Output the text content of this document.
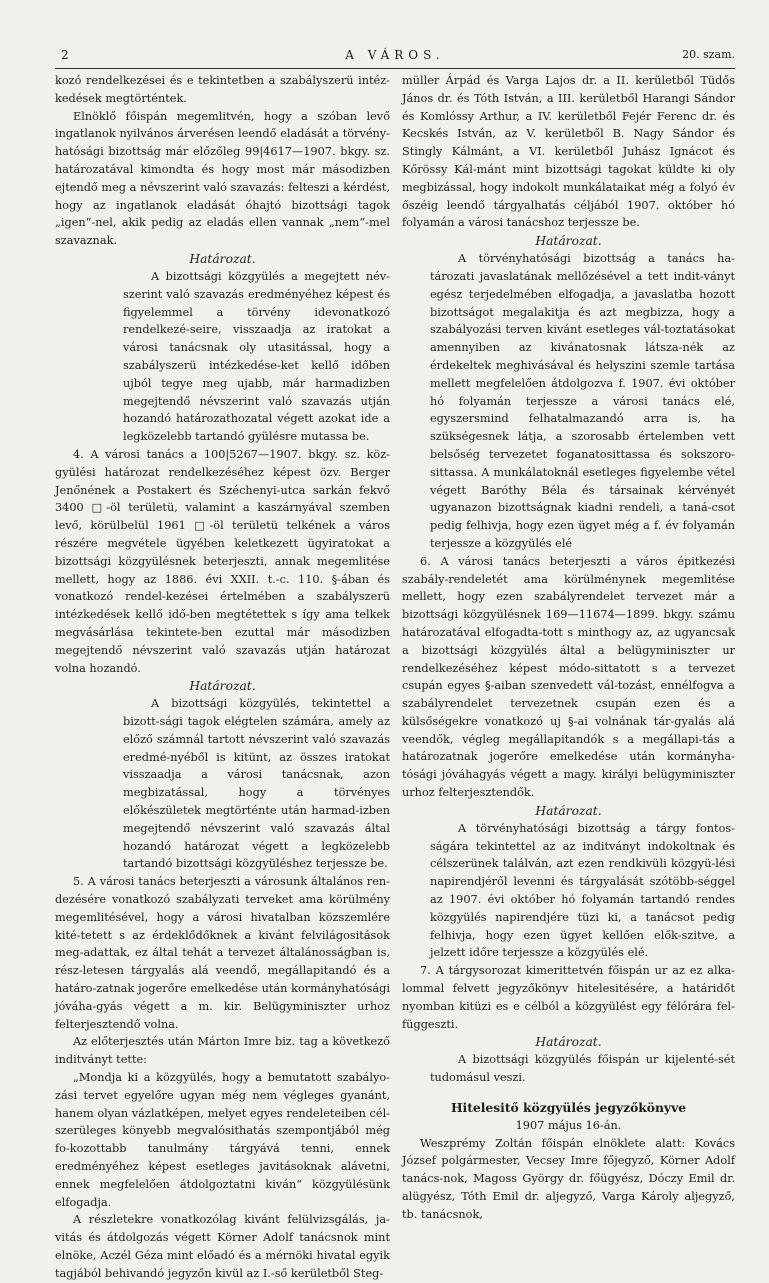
2	A VÁROS.	20. szam.

kozó rendelkezései és e tekintetben a szabályszerü intéz-kedések megtörténtek.

Elnöklő főispán megemlitvén, hogy a szóban levő ingatlanok nyilvános árverésen leendő eladását a törvény-hatósági bizottság már előzőleg 99|4617—1907. bkgy. sz. határozatával kimondta és hogy most már másodizben ejtendő meg a névszerint való szavazás: felteszi a kérdést, hogy az ingatlanok eladását óhajtó bizottsági tagok „igen“-nel, akik pedig az eladás ellen vannak „nem“-mel szavaznak.

Határozat.

A bizottsági közgyülés a megejtett név-szerint való szavazás eredményéhez képest és figyelemmel a törvény idevonatkozó rendelkezé-seire, visszaadja az iratokat a városi tanácsnak oly utasitással, hogy a szabályszerü intézkedése-ket kellő időben ujból tegye meg ujabb, már harmadizben megejtendő névszerint való szavazás utján hozandó határozathozatal végett azokat ide a legközelebb tartandó gyülésre mutassa be.

4. A városi tanács a 100|5267—1907. bkgy. sz. köz-gyülési határozat rendelkezéséhez képest özv. Berger Jenőnének a Postakert és Széchenyi-utca sarkán fekvő 3400 □-öl területü, valamint a kaszárnyával szemben levő, körülbelül 1961 □-öl területü telkének a város részére megvétele ügyében keletkezett ügyiratokat a bizottsági közgyülésnek beterjeszti, annak megemlitése mellett, hogy az 1886. évi XXII. t.-c. 110. §-ában és vonatkozó rendel-kezései értelmében a szabályszerü intézkedések kellő idő-ben megtétettek s így ama telkek megvásárlása tekintete-ben ezuttal már másodizben megejtendő névszerint való szavazás utján határozat volna hozandó.

Határozat.

A bizottsági közgyülés, tekintettel a bizott-sági tagok elégtelen számára, amely az előző számnál tartott névszerint való szavazás eredmé-nyéből is kitünt, az összes iratokat visszaadja a városi tanácsnak, azon megbizatással, hogy a törvényes előkészületek megtörténte után harmad-izben megejtendő névszerint való szavazás által hozandó határozat végett a legközelebb tartandó bizottsági közgyüléshez terjessze be.

5. A városi tanács beterjeszti a városunk általános ren-dezésére vonatkozó szabályzati terveket ama körülmény megemlitésével, hogy a városi hivatalban közszemlére kité-tetett s az érdeklődőknek a kivánt felvilágositások meg-adattak, ez által tehát a tervezet általánosságban is, rész-letesen tárgyalás alá veendő, megállapitandó és a határo-zatnak jogerőre emelkedése után kormányhatósági jóváha-gyás végett a m. kir. Belügyminiszter urhoz felterjesztendő volna.

Az előterjesztés után Márton Imre biz. tag a következő inditványt tette:

„Mondja ki a közgyülés, hogy a bemutatott szabályo-zási tervet egyelőre ugyan még nem végleges gyanánt, hanem olyan vázlatképen, melyet egyes rendeleteiben cél-szerüleges könyebb megvalósithatás szempontjából még fo-kozottabb tanulmány tárgyává tenni, ennek eredményéhez képest esetleges javitásoknak alávetni, ennek megfelelően átdolgoztatni kiván“ közgyülésünk elfogadja.

A részletekre vonatkozólag kivánt felülvizsgálás, ja-vitás és átdolgozás végett Körner Adolf tanácsnok mint elnöke, Aczél Géza mint előadó és a mérnöki hivatal egyik tagjából behivandó jegyzőn kivül az I.-ső kerületből Steg-

müller Árpád és Varga Lajos dr. a II. kerületből Tüdős János dr. és Tóth István, a III. kerületből Harangi Sándor és Komlóssy Arthur, a IV. kerületből Fejér Ferenc dr. és Kecskés István, az V. kerületből B. Nagy Sándor és Stingly Kálmánt, a VI. kerületből Juhász Ignácot és Kőrössy Kál-mánt mint bizottsági tagokat küldte ki oly megbizással, hogy indokolt munkálataikat még a folyó év őszéig leendő tárgyalhatás céljából 1907. október hó folyamán a városi tanácshoz terjessze be.

Határozat.

A törvényhatósági bizottság a tanács ha-tározati javaslatának mellőzésével a tett indit-ványt egész terjedelmében elfogadja, a javaslatba hozott bizottságot megalakitja és azt megbizza, hogy a szabályozási terven kivánt esetleges vál-toztatásokat amennyiben az kivánatosnak látsza-nék az érdekeltek meghivásával és helyszini szemle tartása mellett megfelelően átdolgozva f. 1907. évi október hó folyamán terjessze a városi tanács elé, egyszersmind felhatalmazandó arra is, ha szükségesnek látja, a szorosabb értelemben vett belsőség tervezetet foganatosittassa és sokszoro-sittassa. A munkálatoknál esetleges figyelembe vétel végett Baróthy Béla és társainak kérvényét ugyanazon bizottságnak kiadni rendeli, a taná-csot pedig felhivja, hogy ezen ügyet még a f. év folyamán terjessze a közgyülés elé

6. A városi tanács beterjeszti a város épitkezési szabály-rendeletét ama körülménynek megemlitése mellett, hogy ezen szabályrendelet tervezet már a bizottsági közgyülésnek 169—11674—1899. bkgy. számu határozatával elfogadta-tott s minthogy az, az ugyancsak a bizottsági közgyülés által a belügyminiszter ur rendelkezéséhez képest módo-sittatott s a tervezet csupán egyes §-aiban szenvedett vál-tozást, ennélfogva a szabályrendelet tervezetnek csupán ezen és a külsőségekre vonatkozó uj §-ai volnának tár-gyalás alá veendők, végleg megállapitandók s a megállapi-tás a határozatnak jogerőre emelkedése után kormányha-tósági jóváhagyás végett a magy. királyi belügyminiszter urhoz felterjesztendők.

Határozat.

A törvényhatósági bizottság a tárgy fontos-ságára tekintettel az az inditványt indokoltnak és célszerünek találván, azt ezen rendkivüli közgyü-lési napirendjéről levenni és tárgyalását szótöbb-séggel az 1907. évi október hó folyamán tartandó rendes közgyülés napirendjére tüzi ki, a tanácsot pedig felhivja, hogy ezen ügyet kellően elők-szitve, a jelzett időre terjessze a közgyülés elé.

7. A tárgysorozat kimerittetvén főispán ur az ez alka-lommal felvett jegyzőkönyv hitelesitésére, a határidőt nyomban kitüzi es e célból a közgyülést egy félórára fel-függeszti.

Határozat.

A bizottsági közgyülés főispán ur kijelenté-sét tudomásul veszi.

Hitelesitő közgyülés jegyzőkönyve

1907 május 16-án.

Weszprémy Zoltán főispán elnöklete alatt: Kovács József polgármester, Vecsey Imre főjegyző, Körner Adolf tanács-nok, Magoss György dr. főügyész, Dóczy Emil dr. alügyész, Tóth Emil dr. aljegyző, Varga Károly aljegyző, tb. tanácsnok,
